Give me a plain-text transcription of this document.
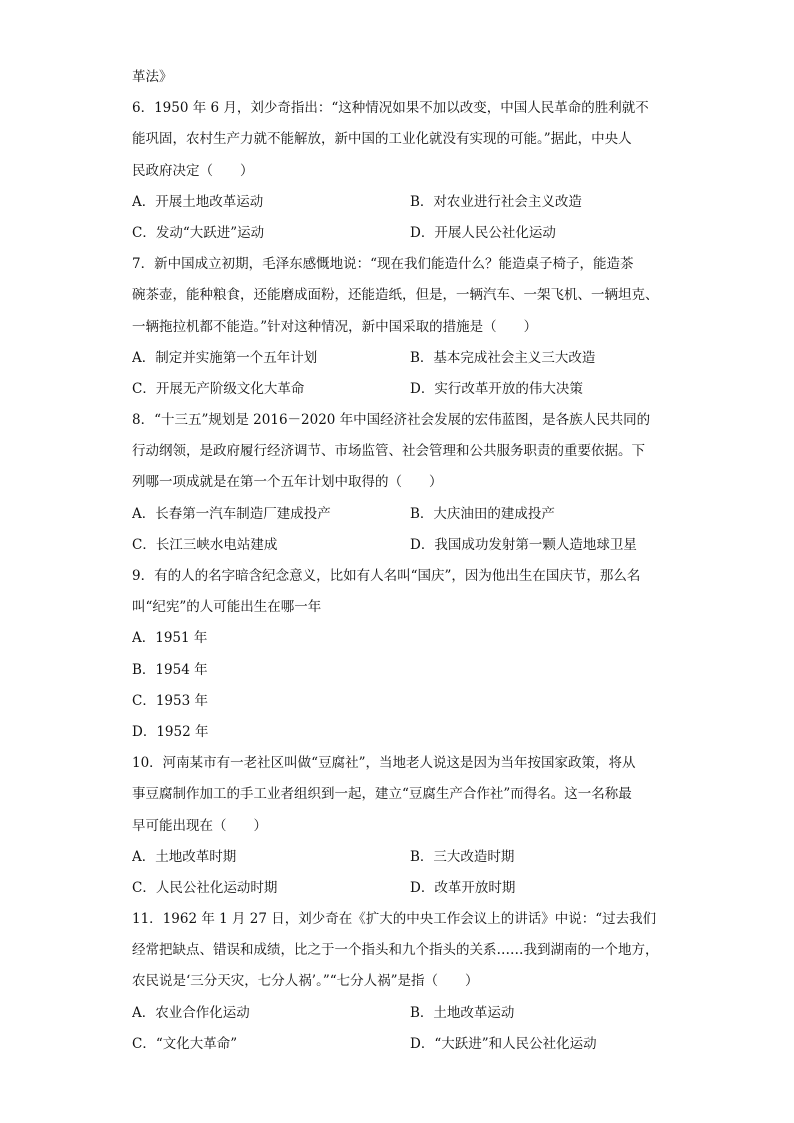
革法》
6．1950 年 6 月，刘少奇指出：“这种情况如果不加以改变，中国人民革命的胜利就不
能巩固，农村生产力就不能解放，新中国的工业化就没有实现的可能。”据此，中央人
民政府决定（　　）
A．开展土地改革运动	B．对农业进行社会主义改造
C．发动“大跃进”运动	D．开展人民公社化运动
7．新中国成立初期，毛泽东感慨地说：“现在我们能造什么？能造桌子椅子，能造茶
碗茶壶，能种粮食，还能磨成面粉，还能造纸，但是，一辆汽车、一架飞机、一辆坦克、
一辆拖拉机都不能造。”针对这种情况，新中国采取的措施是（　　）
A．制定并实施第一个五年计划	B．基本完成社会主义三大改造
C．开展无产阶级文化大革命	D．实行改革开放的伟大决策
8．“十三五”规划是 2016－2020 年中国经济社会发展的宏伟蓝图，是各族人民共同的
行动纲领，是政府履行经济调节、市场监管、社会管理和公共服务职责的重要依据。下
列哪一项成就是在第一个五年计划中取得的（　　）
A．长春第一汽车制造厂建成投产	B．大庆油田的建成投产
C．长江三峡水电站建成	D．我国成功发射第一颗人造地球卫星
9．有的人的名字暗含纪念意义，比如有人名叫“国庆”，因为他出生在国庆节，那么名
叫“纪宪”的人可能出生在哪一年
A．1951 年
B．1954 年
C．1953 年
D．1952 年
10．河南某市有一老社区叫做“豆腐社”，当地老人说这是因为当年按国家政策，将从
事豆腐制作加工的手工业者组织到一起，建立“豆腐生产合作社”而得名。这一名称最
早可能出现在（　　）
A．土地改革时期	B．三大改造时期
C．人民公社化运动时期	D．改革开放时期
11．1962 年 1 月 27 日，刘少奇在《扩大的中央工作会议上的讲话》中说：“过去我们
经常把缺点、错误和成绩，比之于一个指头和九个指头的关系……我到湖南的一个地方，
农民说是‘三分天灾，七分人祸’。”“七分人祸”是指（　　）
A．农业合作化运动	B．土地改革运动
C．“文化大革命”	D．“大跃进”和人民公社化运动
